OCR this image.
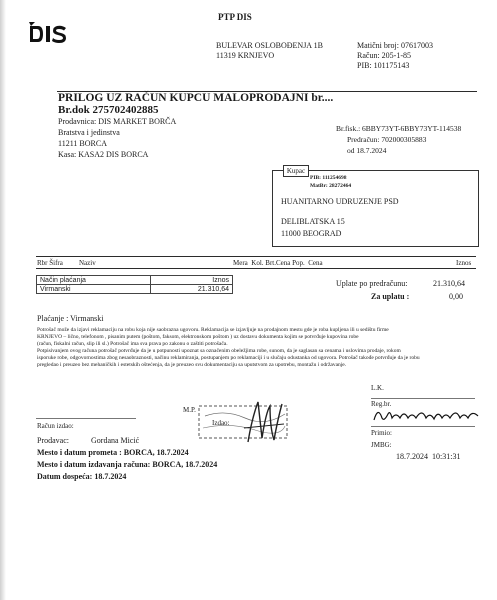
PTP DIS
BULEVAR OSLOBOĐENJA 1B
11319 KRNJEVO
Matični broj: 07617003
Račun: 205-1-85
PIB: 101175143
PRILOG UZ RAČUN KUPCU MALOPRODAJNI br....
Br.dok 275702402885
Prodavnica: DIS MARKET BORČA
Bratstva i jedinstva
11211 BORCA
Kasa: KASA2 DIS BORCA
Br.fisk.: 6BBY73YT-6BBY73YT-114538
Predračun: 702000305883
od 18.7.2024
Kupac
PIB: 111254698
MatBr: 28272464
HUANITARNO UDRUZENJE PSD
DELIBLATSKA 15
11000 BEOGRAD
Rbr Šifra Naziv	Mera  Kol. Brt.Cena Pop.  Cena	Iznos
Način plaćanja	Iznos
Virmanski	21.310,64
Uplate po predračunu:	21.310,64
Za uplatu :	0,00
Plaćanje : Virmanski
Potrošač može da izjavi reklamaciju na robu koja nije saobrazna ugovoru. Reklamacija se izjavljuje na prodajnom mestu gde je roba kupljena ili u sedištu firme
KRNJEVO – lično, telefonom , pisanim putem (poštom, faksom, elektronskom poštom ) uz dostavu dokumenta kojim se potvrđuje kupovina robe
(račun, fiskalni račun, slip ili sl.) Potrošač ima sva prava po zakonu o zaštiti potrošača.
Potpisivanjem ovog računa potrošač potvrđuje da je u potpunosti upoznat sa označenim obeležjima robe, sunom, da je saglasan sa cenama i uslovima prodaje, rokom
isporuke robe, odgovornostima zbog nesaobraznosti, načinu reklamiranja, postupanjem po reklamaciji i u slučaju odustanka od ugovora. Potrošač takođe potvrđuje da je robu
pregledao i preuzeo bez mehaničkih i estetskih oštećenja, da je preuzeo svu dokumentaciju sa uputstvom za upotrebu, montažu i održavanje.
L.K.
M.P.
Izdao:
Reg.br.
Primio:
JMBG:
Račun izdao:
Prodavac:	Gordana Micić
Mesto i datum prometa : BORCA, 18.7.2024
Mesto i datum izdavanja računa: BORCA, 18.7.2024
Datum dospeća: 18.7.2024
18.7.2024  10:31:31
